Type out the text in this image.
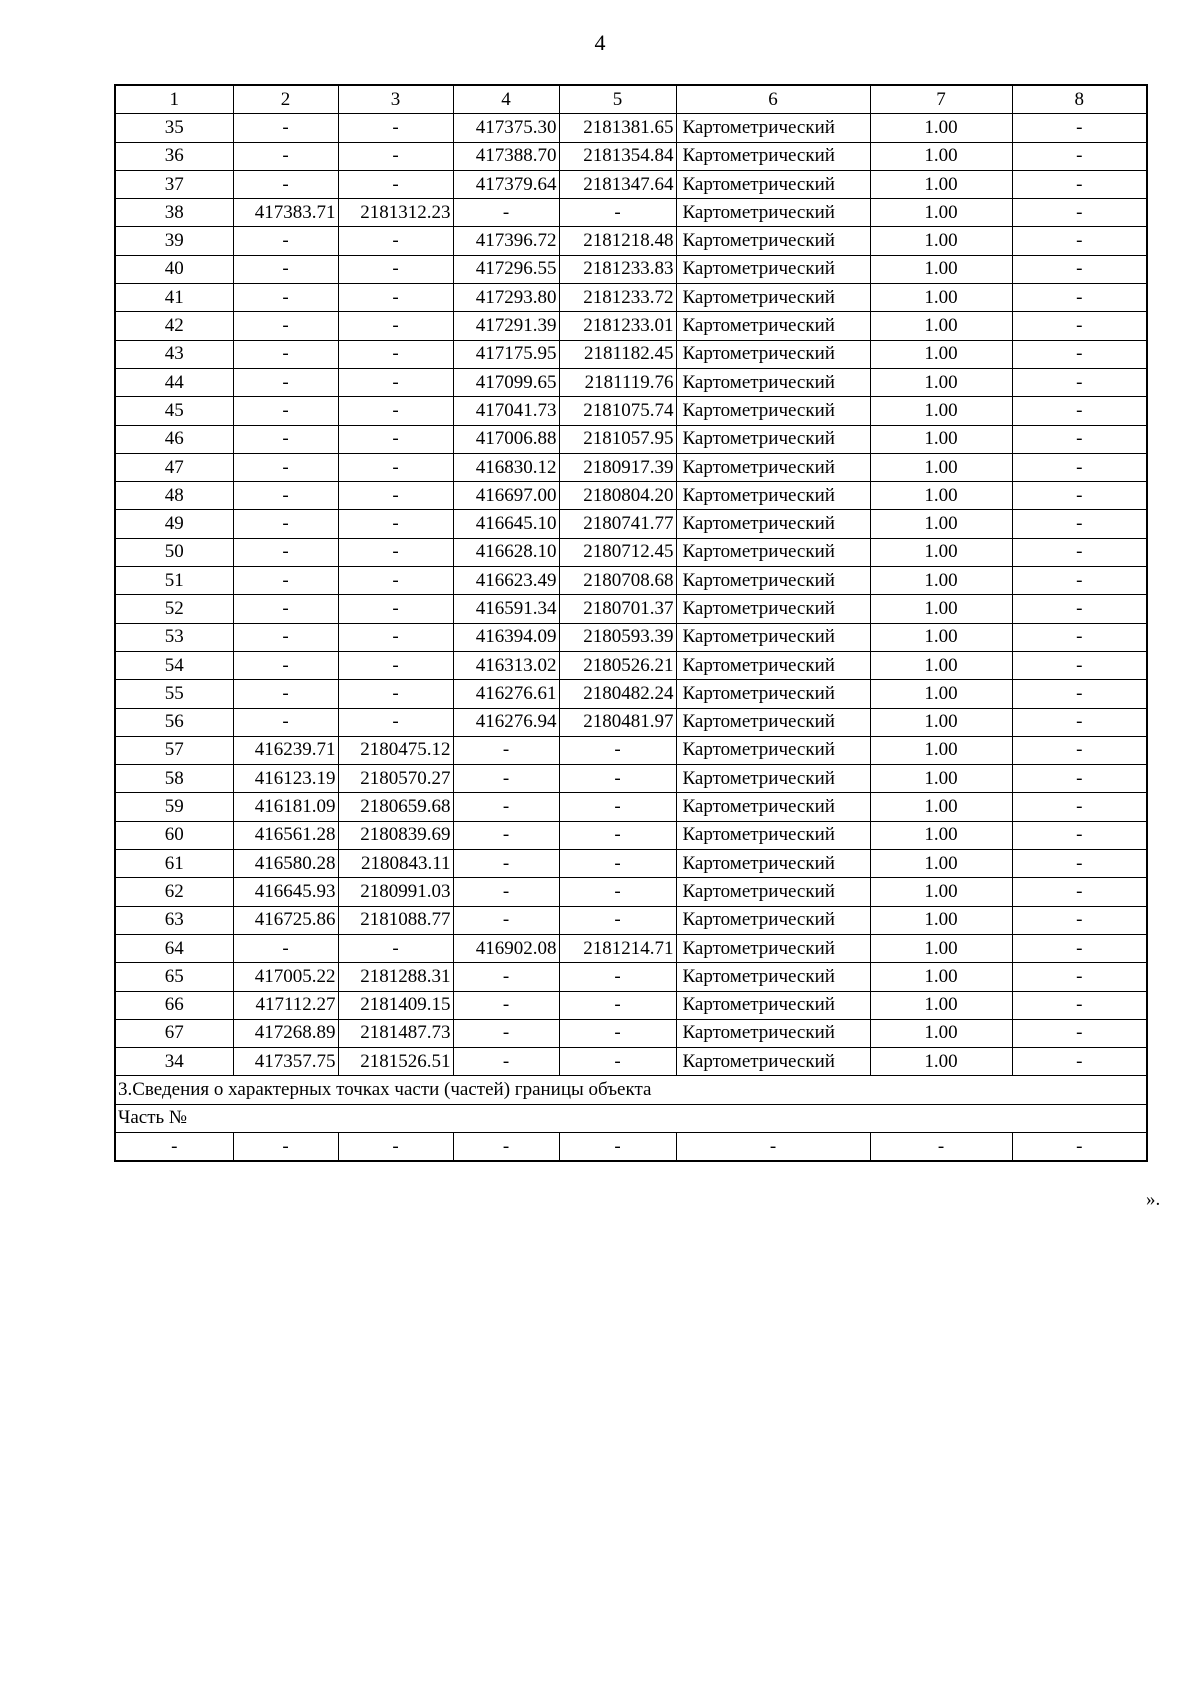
4
1	2	3	4	5	6	7	8
35	-	-	417375.30	2181381.65	Картометрический	1.00	-
36	-	-	417388.70	2181354.84	Картометрический	1.00	-
37	-	-	417379.64	2181347.64	Картометрический	1.00	-
38	417383.71	2181312.23	-	-	Картометрический	1.00	-
39	-	-	417396.72	2181218.48	Картометрический	1.00	-
40	-	-	417296.55	2181233.83	Картометрический	1.00	-
41	-	-	417293.80	2181233.72	Картометрический	1.00	-
42	-	-	417291.39	2181233.01	Картометрический	1.00	-
43	-	-	417175.95	2181182.45	Картометрический	1.00	-
44	-	-	417099.65	2181119.76	Картометрический	1.00	-
45	-	-	417041.73	2181075.74	Картометрический	1.00	-
46	-	-	417006.88	2181057.95	Картометрический	1.00	-
47	-	-	416830.12	2180917.39	Картометрический	1.00	-
48	-	-	416697.00	2180804.20	Картометрический	1.00	-
49	-	-	416645.10	2180741.77	Картометрический	1.00	-
50	-	-	416628.10	2180712.45	Картометрический	1.00	-
51	-	-	416623.49	2180708.68	Картометрический	1.00	-
52	-	-	416591.34	2180701.37	Картометрический	1.00	-
53	-	-	416394.09	2180593.39	Картометрический	1.00	-
54	-	-	416313.02	2180526.21	Картометрический	1.00	-
55	-	-	416276.61	2180482.24	Картометрический	1.00	-
56	-	-	416276.94	2180481.97	Картометрический	1.00	-
57	416239.71	2180475.12	-	-	Картометрический	1.00	-
58	416123.19	2180570.27	-	-	Картометрический	1.00	-
59	416181.09	2180659.68	-	-	Картометрический	1.00	-
60	416561.28	2180839.69	-	-	Картометрический	1.00	-
61	416580.28	2180843.11	-	-	Картометрический	1.00	-
62	416645.93	2180991.03	-	-	Картометрический	1.00	-
63	416725.86	2181088.77	-	-	Картометрический	1.00	-
64	-	-	416902.08	2181214.71	Картометрический	1.00	-
65	417005.22	2181288.31	-	-	Картометрический	1.00	-
66	417112.27	2181409.15	-	-	Картометрический	1.00	-
67	417268.89	2181487.73	-	-	Картометрический	1.00	-
34	417357.75	2181526.51	-	-	Картометрический	1.00	-
3.Сведения о характерных точках части (частей) границы объекта							
Часть №							
-	-	-	-	-	-	-	-
».
